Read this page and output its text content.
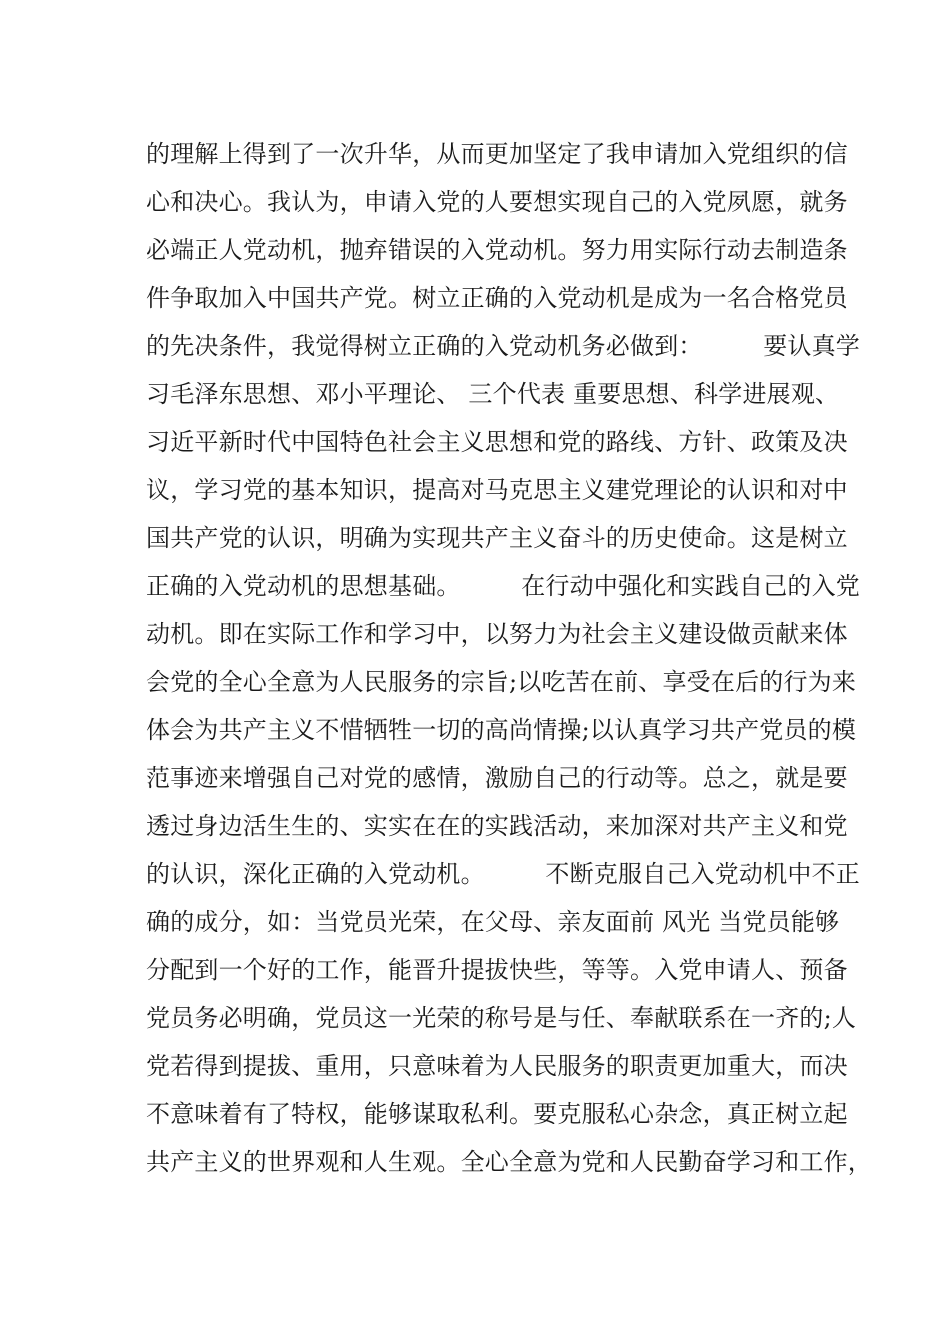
的理解上得到了一次升华，从而更加坚定了我申请加入党组织的信
心和决心。我认为，申请入党的人要想实现自己的入党夙愿，就务
必端正人党动机，抛弃错误的入党动机。努力用实际行动去制造条
件争取加入中国共产党。树立正确的入党动机是成为一名合格党员
的先决条件，我觉得树立正确的入党动机务必做到：　　　要认真学
习毛泽东思想、邓小平理论、 三个代表 重要思想、科学进展观、
习近平新时代中国特色社会主义思想和党的路线、方针、政策及决
议，学习党的基本知识，提高对马克思主义建党理论的认识和对中
国共产党的认识，明确为实现共产主义奋斗的历史使命。这是树立
正确的入党动机的思想基础。　　　在行动中强化和实践自己的入党
动机。即在实际工作和学习中，以努力为社会主义建设做贡献来体
会党的全心全意为人民服务的宗旨;以吃苦在前、享受在后的行为来
体会为共产主义不惜牺牲一切的高尚情操;以认真学习共产党员的模
范事迹来增强自己对党的感情，激励自己的行动等。总之，就是要
透过身边活生生的、实实在在的实践活动，来加深对共产主义和党
的认识，深化正确的入党动机。　　　不断克服自己入党动机中不正
确的成分，如：当党员光荣，在父母、亲友面前 风光 当党员能够
分配到一个好的工作，能晋升提拔快些，等等。入党申请人、预备
党员务必明确，党员这一光荣的称号是与任、奉献联系在一齐的;人
党若得到提拔、重用，只意味着为人民服务的职责更加重大，而决
不意味着有了特权，能够谋取私利。要克服私心杂念，真正树立起
共产主义的世界观和人生观。全心全意为党和人民勤奋学习和工作，
